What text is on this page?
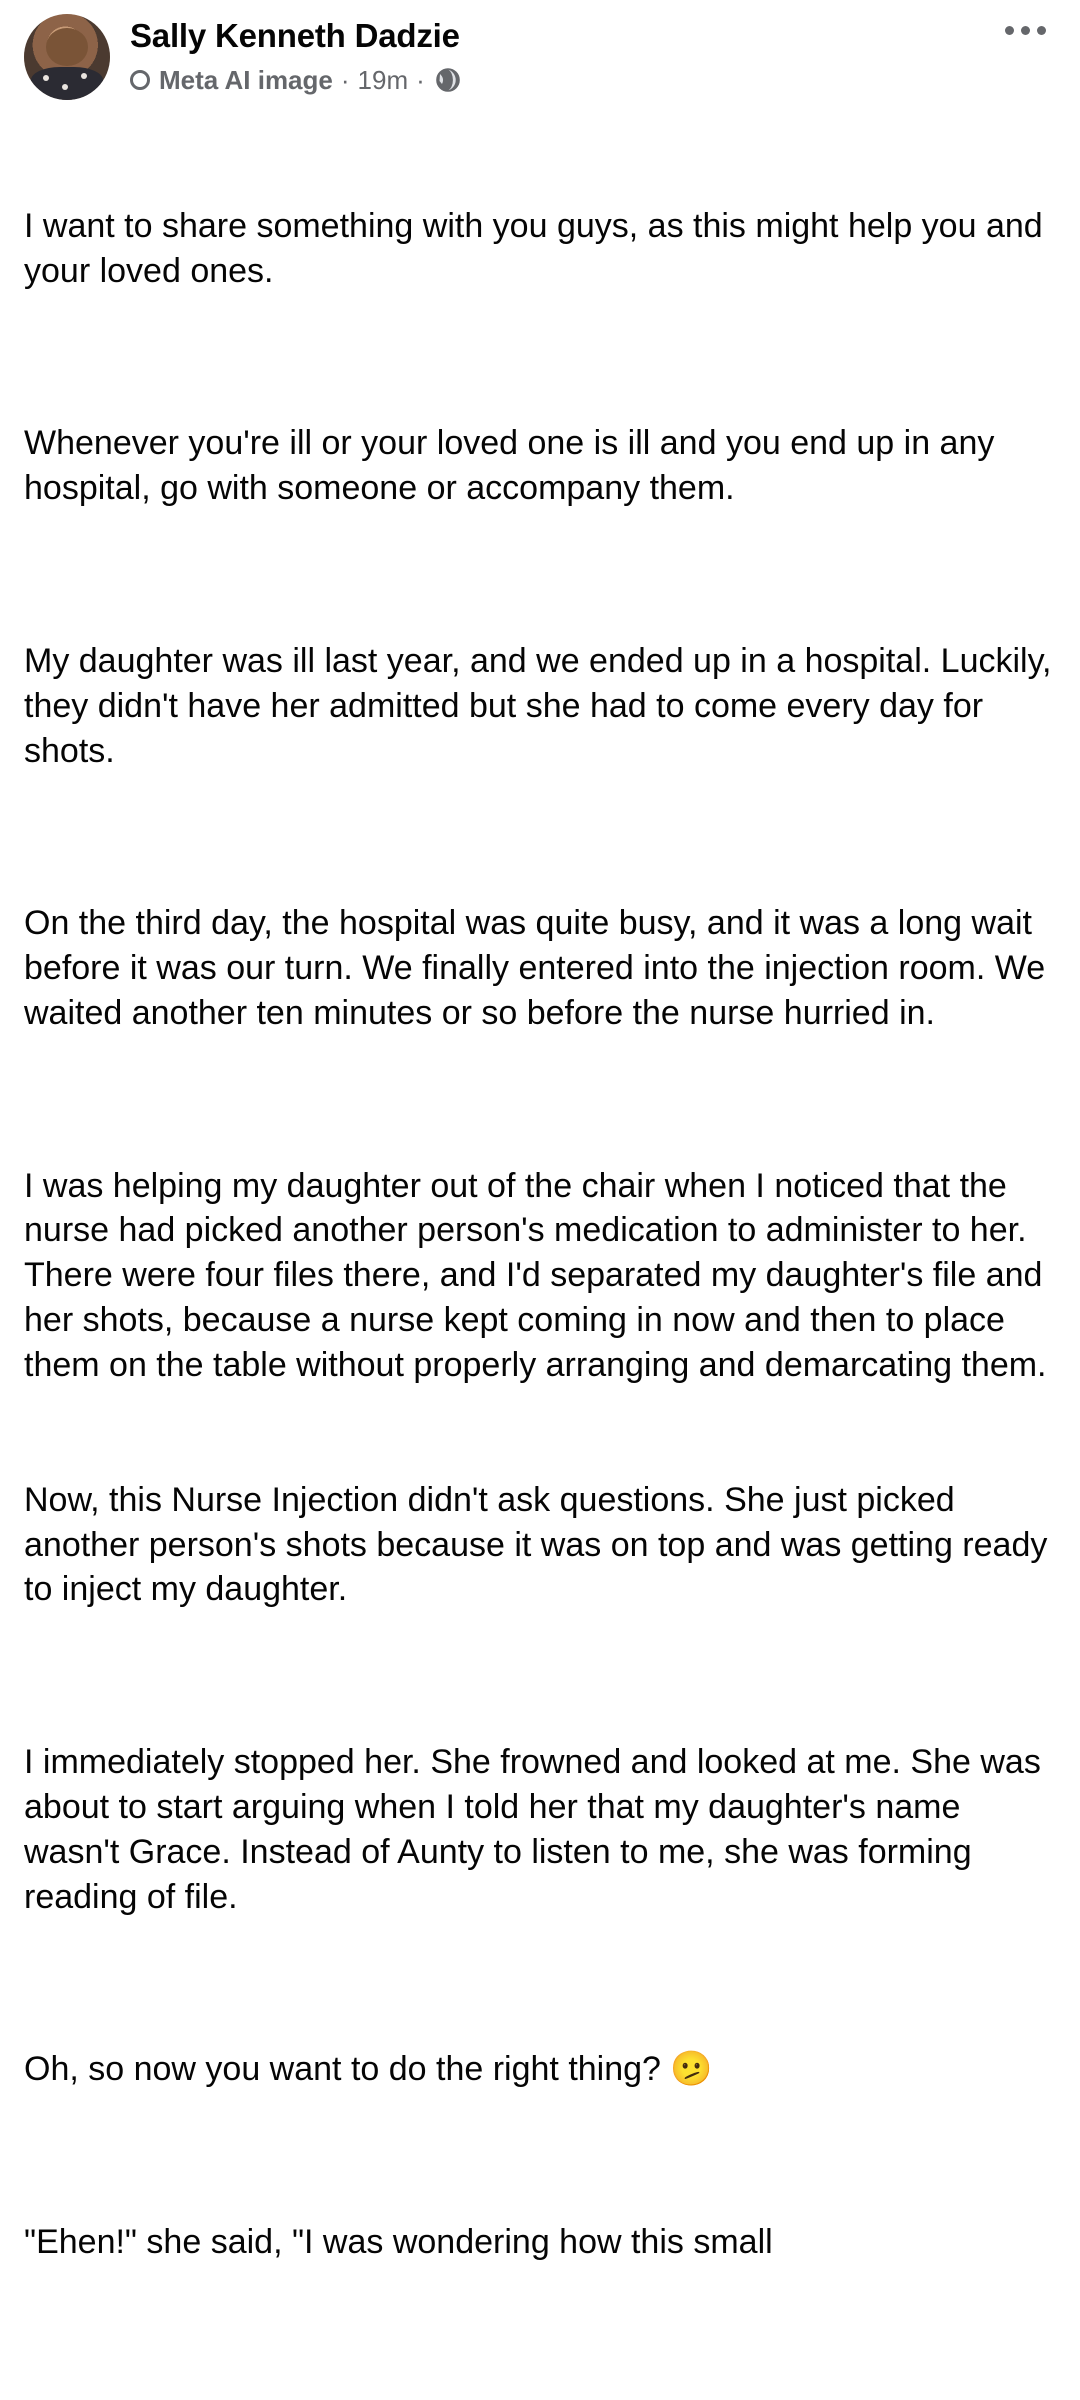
Sally Kenneth Dadzie
Meta AI image · 19m ·

I want to share something with you guys, as this might help you and your loved ones.

Whenever you're ill or your loved one is ill and you end up in any hospital, go with someone or accompany them.

My daughter was ill last year, and we ended up in a hospital. Luckily, they didn't have her admitted but she had to come every day for shots.

On the third day, the hospital was quite busy, and it was a long wait before it was our turn. We finally entered into the injection room. We waited another ten minutes or so before the nurse hurried in.

I was helping my daughter out of the chair when I noticed that the nurse had picked another person's medication to administer to her. There were four files there, and I'd separated my daughter's file and her shots, because a nurse kept coming in now and then to place them on the table without properly arranging and demarcating them.

Now, this Nurse Injection didn't ask questions. She just picked another person's shots because it was on top and was getting ready to inject my daughter.

I immediately stopped her. She frowned and looked at me. She was about to start arguing when I told her that my daughter's name wasn't Grace. Instead of Aunty to listen to me, she was forming reading of file.

Oh, so now you want to do the right thing? 🫤

"Ehen!" she said, "I was wondering how this small
